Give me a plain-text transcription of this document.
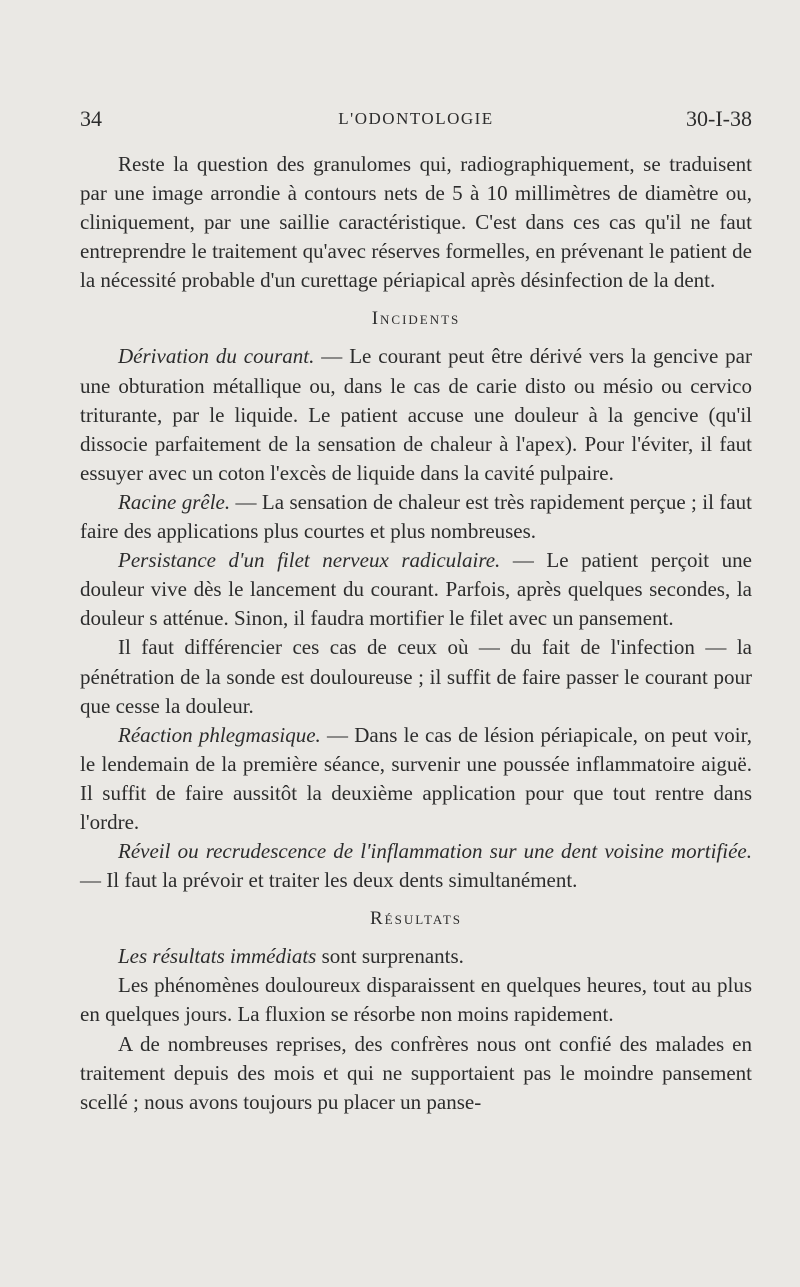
34	L'ODONTOLOGIE	30-I-38

Reste la question des granulomes qui, radiographiquement, se traduisent par une image arrondie à contours nets de 5 à 10 millimètres de diamètre ou, cliniquement, par une saillie caractéristique. C'est dans ces cas qu'il ne faut entreprendre le traitement qu'avec réserves formelles, en prévenant le patient de la nécessité probable d'un curettage périapical après désinfection de la dent.

Incidents

Dérivation du courant. — Le courant peut être dérivé vers la gencive par une obturation métallique ou, dans le cas de carie disto ou mésio ou cervico triturante, par le liquide. Le patient accuse une douleur à la gencive (qu'il dissocie parfaitement de la sensation de chaleur à l'apex). Pour l'éviter, il faut essuyer avec un coton l'excès de liquide dans la cavité pulpaire.

Racine grêle. — La sensation de chaleur est très rapidement perçue ; il faut faire des applications plus courtes et plus nombreuses.

Persistance d'un filet nerveux radiculaire. — Le patient perçoit une douleur vive dès le lancement du courant. Parfois, après quelques secondes, la douleur s atténue. Sinon, il faudra mortifier le filet avec un pansement.

Il faut différencier ces cas de ceux où — du fait de l'infection — la pénétration de la sonde est douloureuse ; il suffit de faire passer le courant pour que cesse la douleur.

Réaction phlegmasique. — Dans le cas de lésion périapicale, on peut voir, le lendemain de la première séance, survenir une poussée inflammatoire aiguë. Il suffit de faire aussitôt la deuxième application pour que tout rentre dans l'ordre.

Réveil ou recrudescence de l'inflammation sur une dent voisine mortifiée. — Il faut la prévoir et traiter les deux dents simultanément.

Résultats

Les résultats immédiats sont surprenants.

Les phénomènes douloureux disparaissent en quelques heures, tout au plus en quelques jours. La fluxion se résorbe non moins rapidement.

A de nombreuses reprises, des confrères nous ont confié des malades en traitement depuis des mois et qui ne supportaient pas le moindre pansement scellé ; nous avons toujours pu placer un panse-
